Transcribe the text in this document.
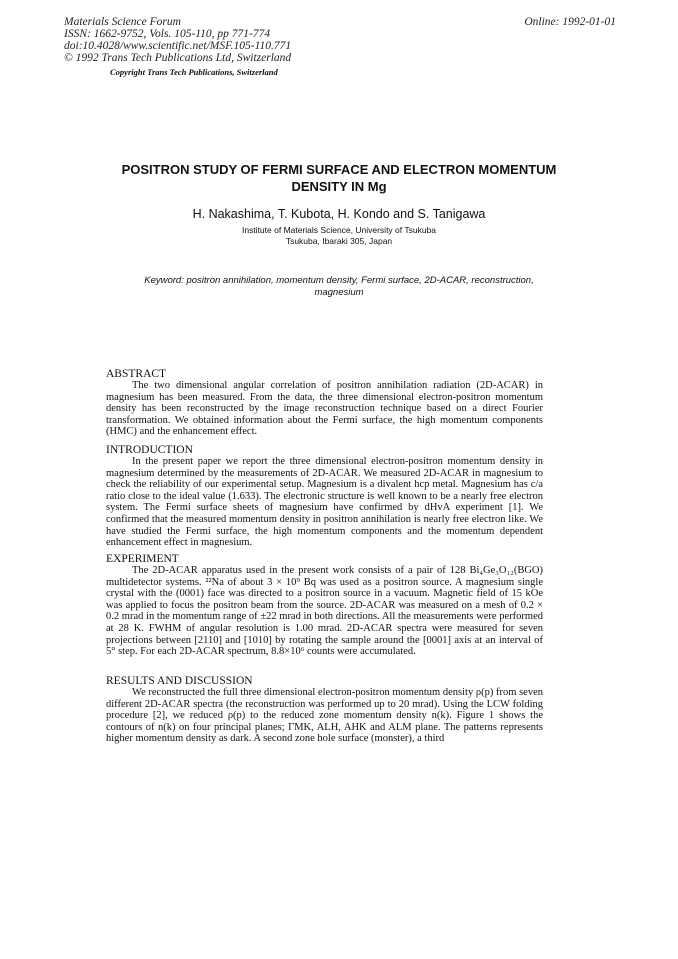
Materials Science Forum
ISSN: 1662-9752, Vols. 105-110, pp 771-774
doi:10.4028/www.scientific.net/MSF.105-110.771
© 1992 Trans Tech Publications Ltd, Switzerland
Online: 1992-01-01
Copyright Trans Tech Publications, Switzerland
POSITRON STUDY OF FERMI SURFACE AND ELECTRON MOMENTUM
DENSITY IN Mg
H. Nakashima, T. Kubota, H. Kondo and S. Tanigawa
Institute of Materials Science, University of Tsukuba
Tsukuba, Ibaraki 305, Japan
Keyword: positron annihilation, momentum density, Fermi surface, 2D-ACAR, reconstruction,
magnesium
ABSTRACT

The two dimensional angular correlation of positron annihilation radiation (2D-ACAR) in magnesium has been measured. From the data, the three dimensional electron-positron momentum density has been reconstructed by the image reconstruction technique based on a direct Fourier transformation. We obtained information about the Fermi surface, the high momentum components (HMC) and the enhancement effect.

INTRODUCTION

In the present paper we report the three dimensional electron-positron momentum density in magnesium determined by the measurements of 2D-ACAR. We measured 2D-ACAR in magnesium to check the reliability of our experimental setup. Magnesium is a divalent hcp metal. Magnesium has c/a ratio close to the ideal value (1.633). The electronic structure is well known to be a nearly free electron system. The Fermi surface sheets of magnesium have confirmed by dHvA experiment [1]. We confirmed that the measured momentum density in positron annihilation is nearly free electron like. We have studied the Fermi surface, the high momentum components and the momentum dependent enhancement effect in magnesium.

EXPERIMENT

The 2D-ACAR apparatus used in the present work consists of a pair of 128 Bi₄Ge₃O₁₂(BGO) multidetector systems. ²²Na of about 3 × 10⁹ Bq was used as a positron source. A magnesium single crystal with the (0001) face was directed to a positron source in a vacuum. Magnetic field of 15 kOe was applied to focus the positron beam from the source. 2D-ACAR was measured on a mesh of 0.2 × 0.2 mrad in the momentum range of ±22 mrad in both directions. All the measurements were performed at 28 K. FWHM of angular resolution is 1.00 mrad. 2D-ACAR spectra were measured for seven projections between [2110] and [1010] by rotating the sample around the [0001] axis at an interval of 5° step. For each 2D-ACAR spectrum, 8.8×10⁶ counts were accumulated.

RESULTS AND DISCUSSION

We reconstructed the full three dimensional electron-positron momentum density ρ(p) from seven different 2D-ACAR spectra (the reconstruction was performed up to 20 mrad). Using the LCW folding procedure [2], we reduced ρ(p) to the reduced zone momentum density n(k). Figure 1 shows the contours of n(k) on four principal planes; ΓMK, ALH, AHK and ALM plane. The patterns represents higher momentum density as dark. A second zone hole surface (monster), a third
